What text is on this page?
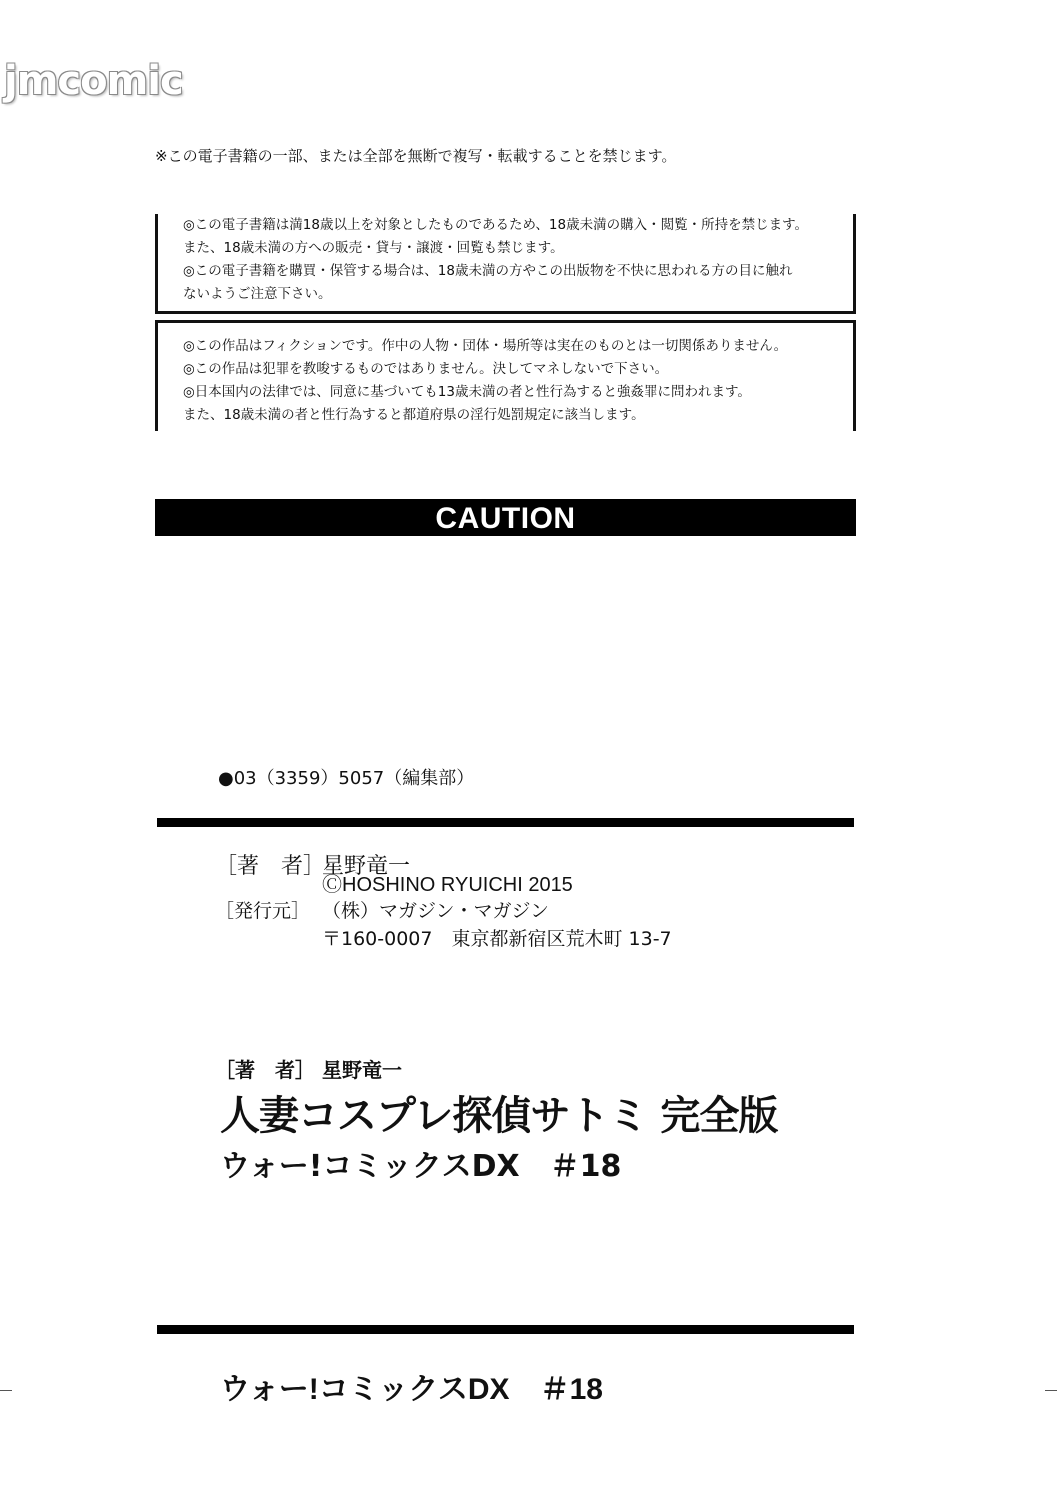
jmcomic
※この電子書籍の一部、または全部を無断で複写・転載することを禁じます。

◎この電子書籍は満18歳以上を対象としたものであるため、18歳未満の購入・閲覧・所持を禁じます。

また、18歳未満の方への販売・貸与・譲渡・回覧も禁じます。

◎この電子書籍を購買・保管する場合は、18歳未満の方やこの出版物を不快に思われる方の目に触れ

ないようご注意下さい。

◎この作品はフィクションです。作中の人物・団体・場所等は実在のものとは一切関係ありません。

◎この作品は犯罪を教唆するものではありません。決してマネしないで下さい。

◎日本国内の法律では、同意に基づいても13歳未満の者と性行為すると強姦罪に問われます。

また、18歳未満の者と性行為すると都道府県の淫行処罰規定に該当します。

CAUTION
●03（3359）5057（編集部）
［著　者］
星野竜一
ⒸHOSHINO RYUICHI 2015
［発行元］ （株）マガジン・マガジン
〒160-0007　東京都新宿区荒木町 13-7
［著　者］ 星野竜一
人妻コスプレ探偵サトミ 完全版
ウォー!コミックスDX　＃18
ウォー!コミックスDX　＃18
